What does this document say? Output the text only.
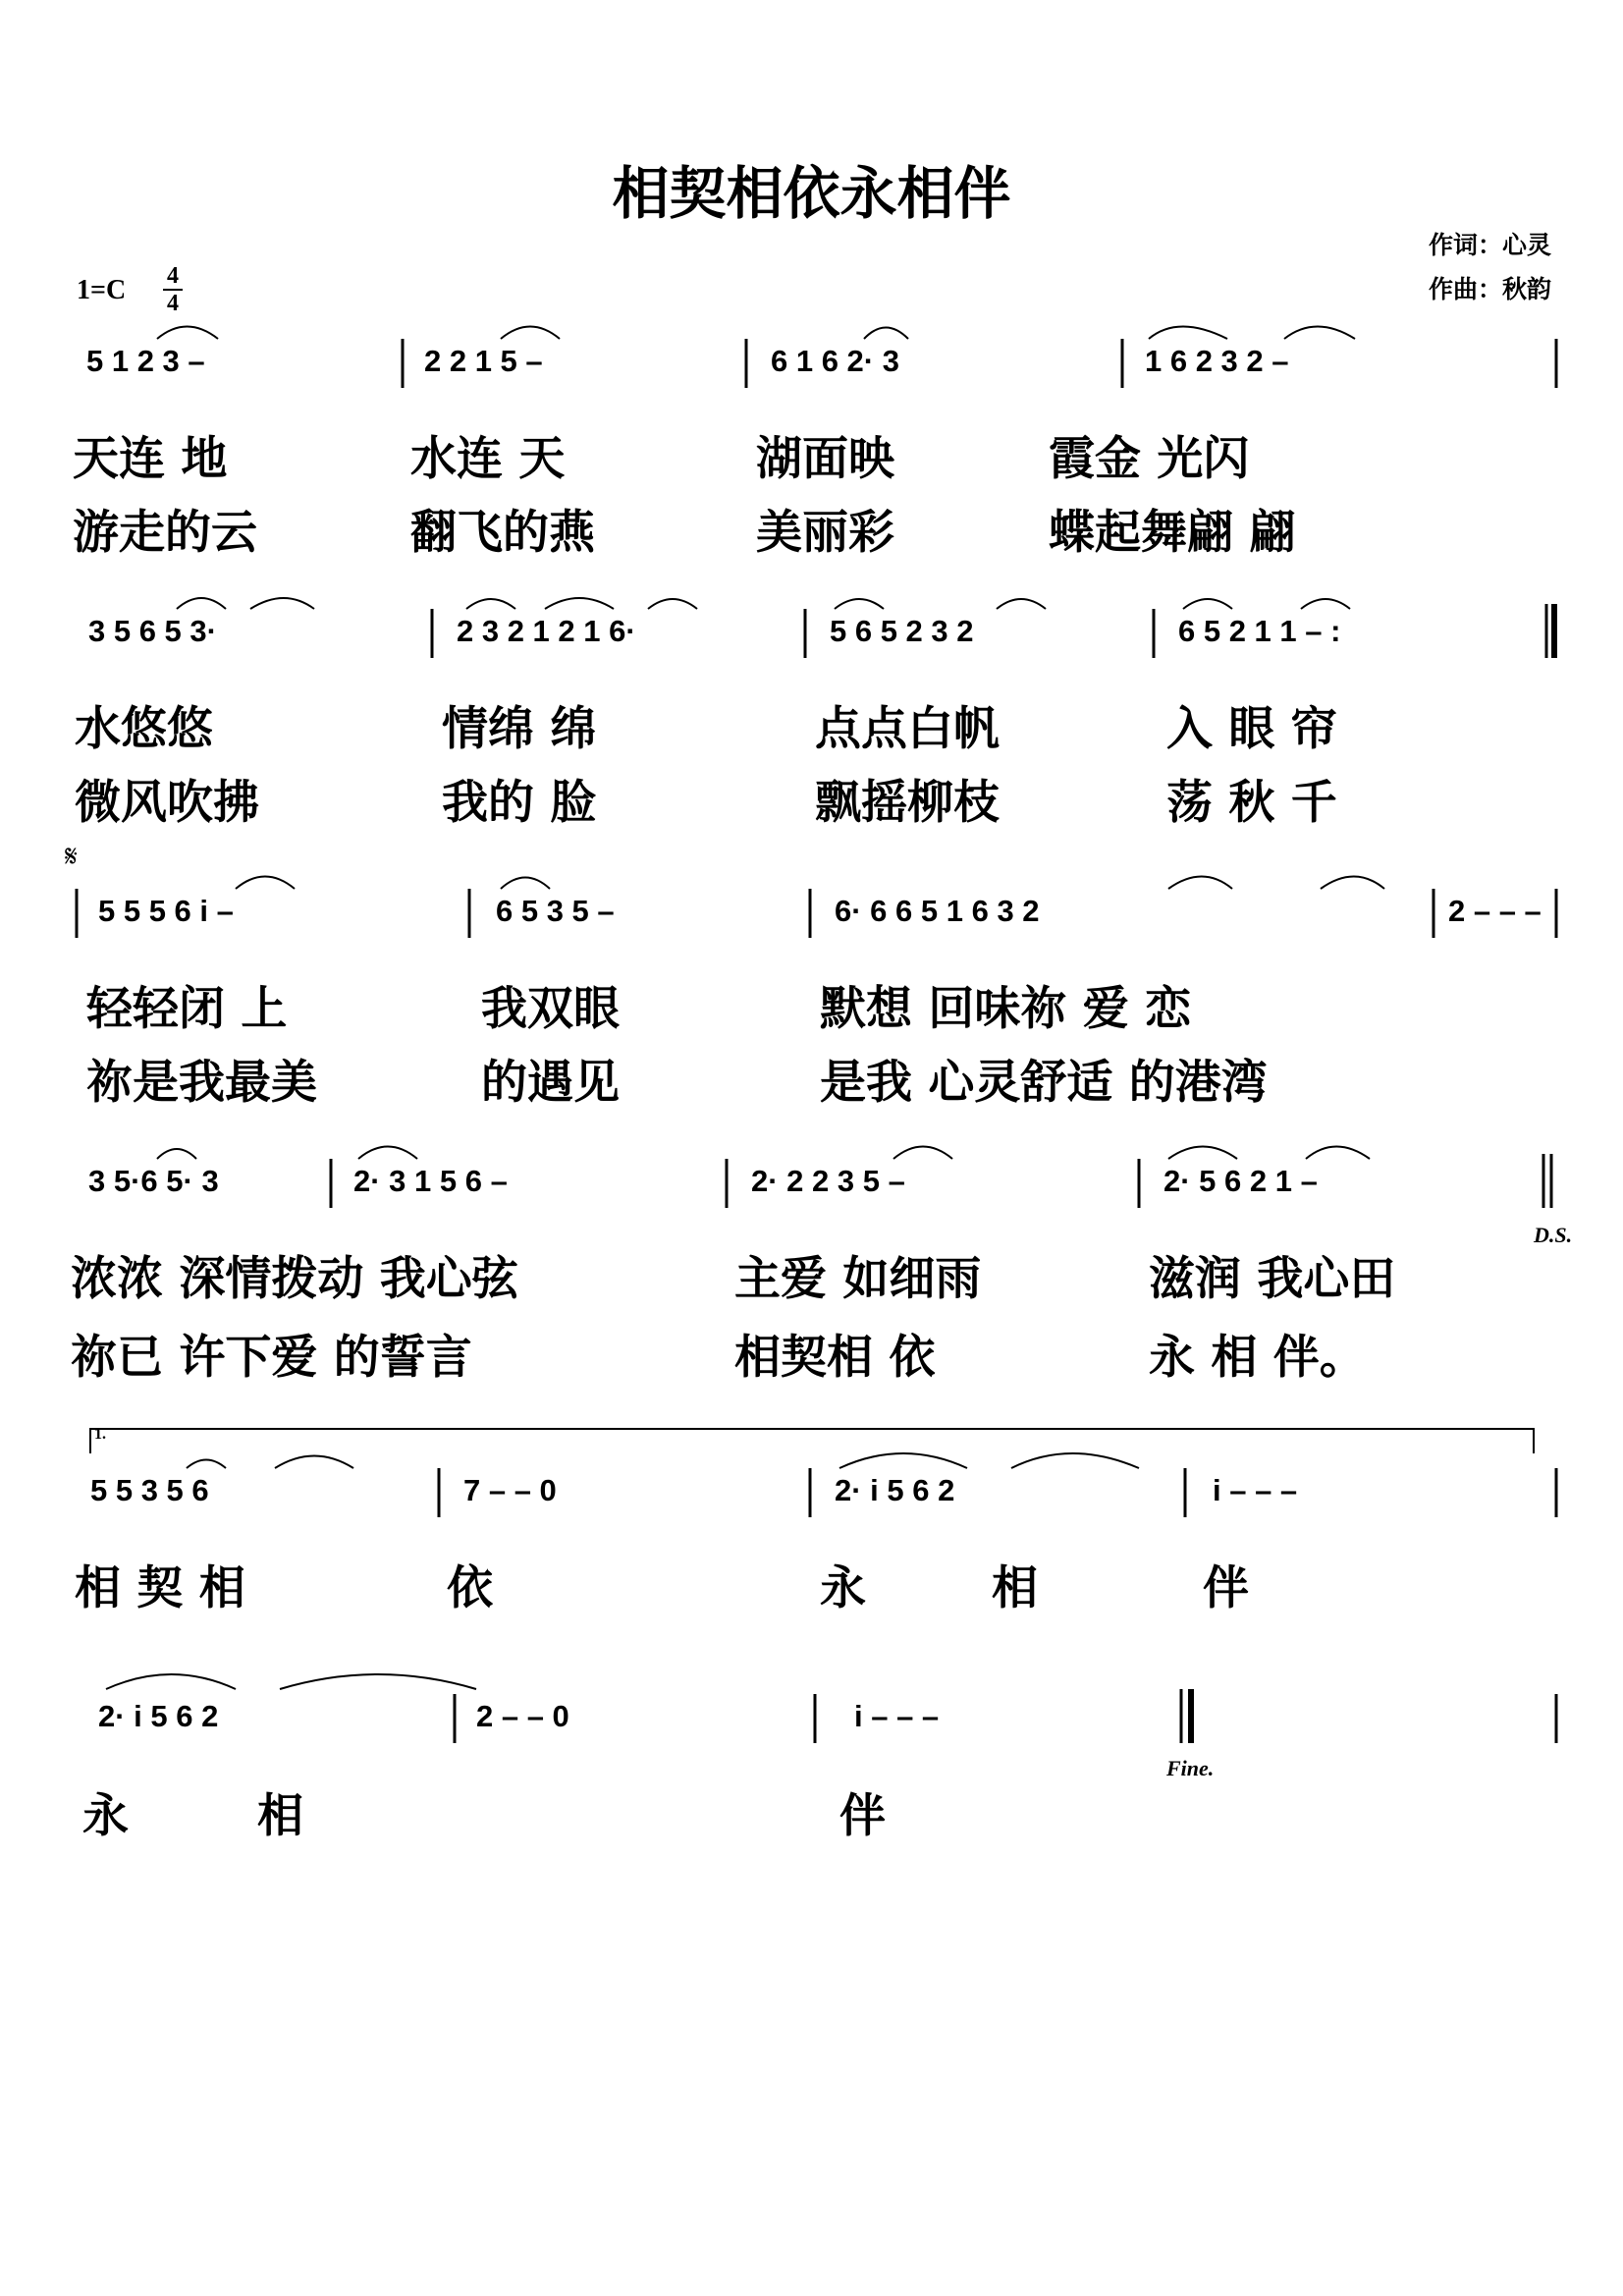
相契相依永相伴
作词：心灵
作曲：秋韵
1=C 4
4
5 1 2 3 –	2 2 1 5 –	6 1 6 2· 3	1 6 2 3 2 –
天连 地	水连 天	湖面映	霞金 光闪
游走的云	翻飞的燕	美丽彩	蝶起舞翩 翩
3 5 6 5 3·	2 3 2 1 2 1 6·	5 6 5 2 3 2	6 5 2 1 1 – :
水悠悠	情绵 绵	点点白帆	入 眼 帘
微风吹拂	我的 脸	飘摇柳枝	荡 秋 千
𝄋
5 5 5 6 i –	6 5 3 5 –	6· 6 6 5 1 6 3 2	2 – – –
轻轻闭 上	我双眼	默想 回味祢 爱 恋
祢是我最美	的遇见	是我 心灵舒适 的港湾
3 5·6 5· 3	2· 3 1 5 6 –	2· 2 2 3 5 –	2· 5 6 2 1 –
D.S.
浓浓 深情拨动 我心弦	主爱 如细雨	滋润 我心田
祢已 许下爱 的誓言	相契相 依	永 相 伴。
1.
5 5 3 5 6	7 – – 0	2· i 5 6 2	i – – –
相 契 相	依	永	相	伴
2· i 5 6 2	2 – – 0	i – – –
Fine.
永	相	伴
